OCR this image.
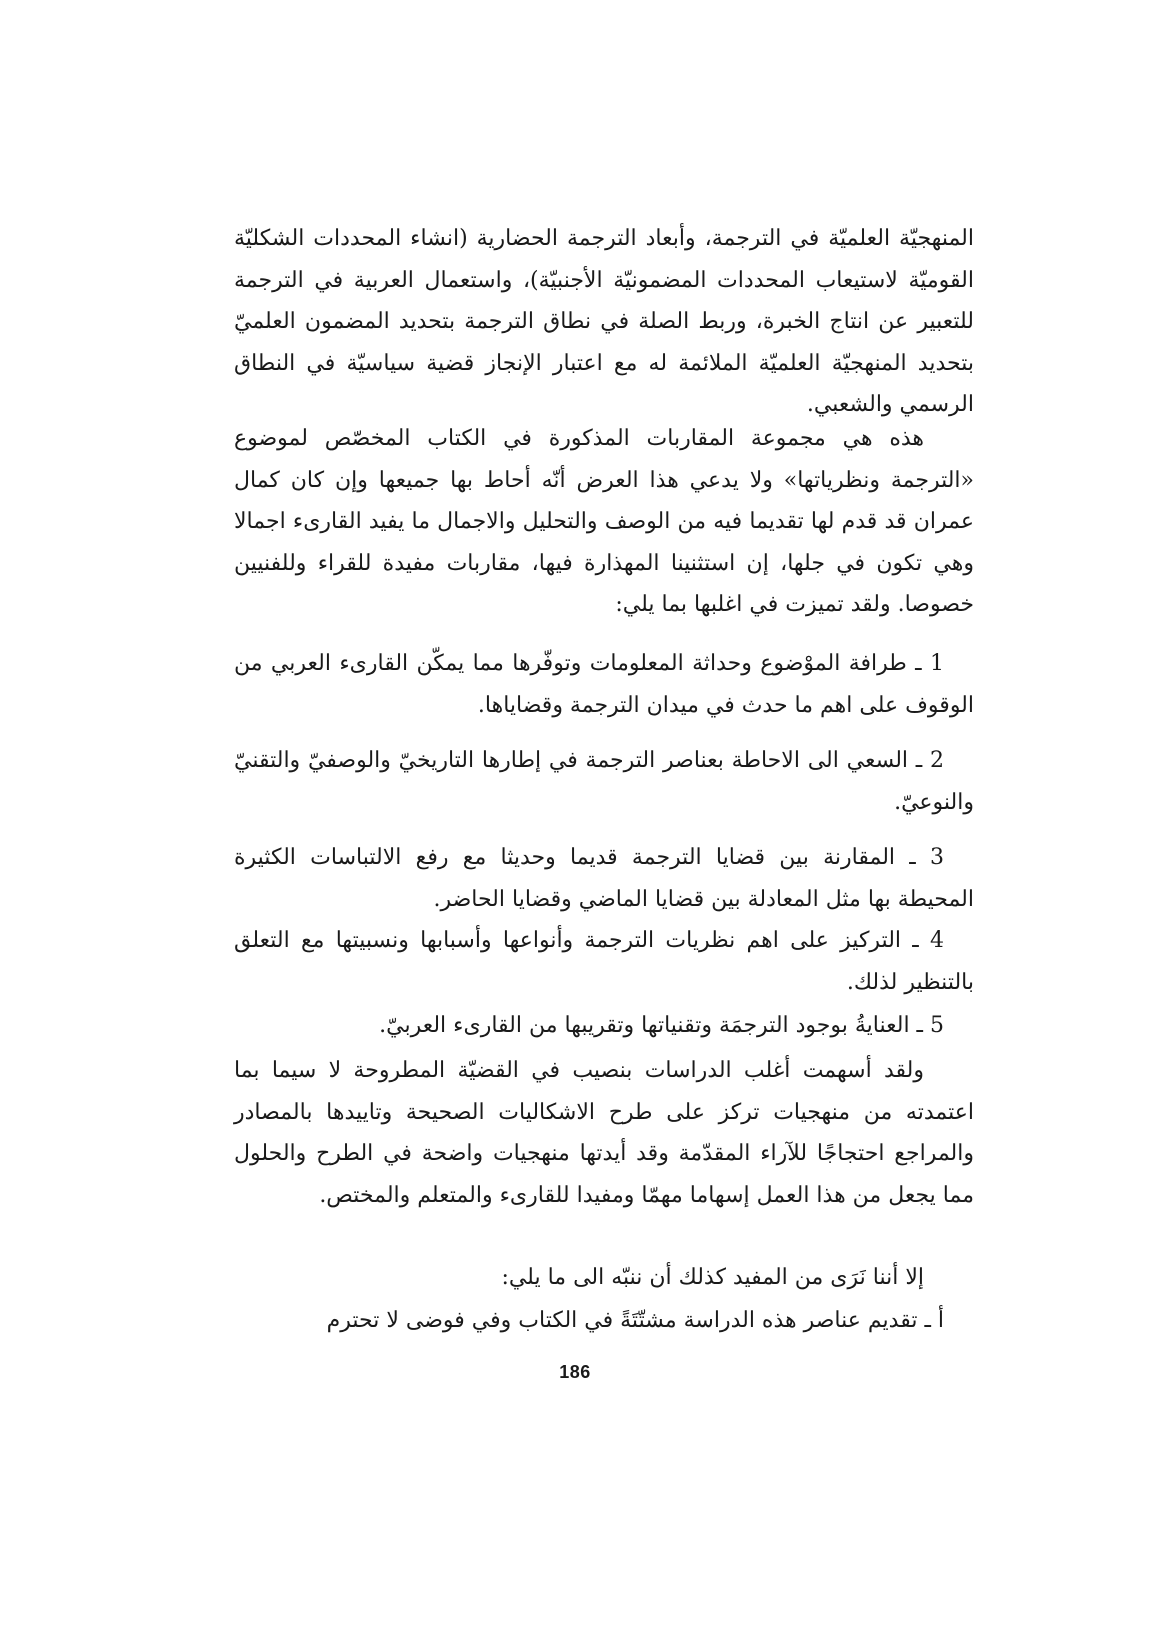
المنهجيّة العلميّة في الترجمة، وأبعاد الترجمة الحضارية (انشاء المحددات الشكليّة القوميّة لاستيعاب المحددات المضمونيّة الأجنبيّة)، واستعمال العربية في الترجمة للتعبير عن انتاج الخبرة، وربط الصلة في نطاق الترجمة بتحديد المضمون العلميّ بتحديد المنهجيّة العلميّة الملائمة له مع اعتبار الإنجاز قضية سياسيّة في النطاق الرسمي والشعبي.

هذه هي مجموعة المقاربات المذكورة في الكتاب المخصّص لموضوع «الترجمة ونظرياتها» ولا يدعي هذا العرض أنّه أحاط بها جميعها وإن كان كمال عمران قد قدم لها تقديما فيه من الوصف والتحليل والاجمال ما يفيد القارىء اجمالا وهي تكون في جلها، إن استثنينا المهذارة فيها، مقاربات مفيدة للقراء وللفنيين خصوصا. ولقد تميزت في اغلبها بما يلي:

1 ـ طرافة الموْضوع وحداثة المعلومات وتوفّرها مما يمكّن القارىء العربي من الوقوف على اهم ما حدث في ميدان الترجمة وقضاياها.

2 ـ السعي الى الاحاطة بعناصر الترجمة في إطارها التاريخيّ والوصفيّ والتقنيّ والنوعيّ.

3 ـ المقارنة بين قضايا الترجمة قديما وحديثا مع رفع الالتباسات الكثيرة المحيطة بها مثل المعادلة بين قضايا الماضي وقضايا الحاضر.

4 ـ التركيز على اهم نظريات الترجمة وأنواعها وأسبابها ونسبيتها مع التعلق بالتنظير لذلك.

5 ـ العنايةُ بوجود الترجمَة وتقنياتها وتقريبها من القارىء العربيّ.

ولقد أسهمت أغلب الدراسات بنصيب في القضيّة المطروحة لا سيما بما اعتمدته من منهجيات تركز على طرح الاشكاليات الصحيحة وتاييدها بالمصادر والمراجع احتجاجًا للآراء المقدّمة وقد أيدتها منهجيات واضحة في الطرح والحلول مما يجعل من هذا العمل إسهاما مهمّا ومفيدا للقارىء والمتعلم والمختص.

إلا أننا نَرَى من المفيد كذلك أن ننبّه الى ما يلي:

أ ـ تقديم عناصر هذه الدراسة مشتّتَةً في الكتاب وفي فوضى لا تحترم

186
